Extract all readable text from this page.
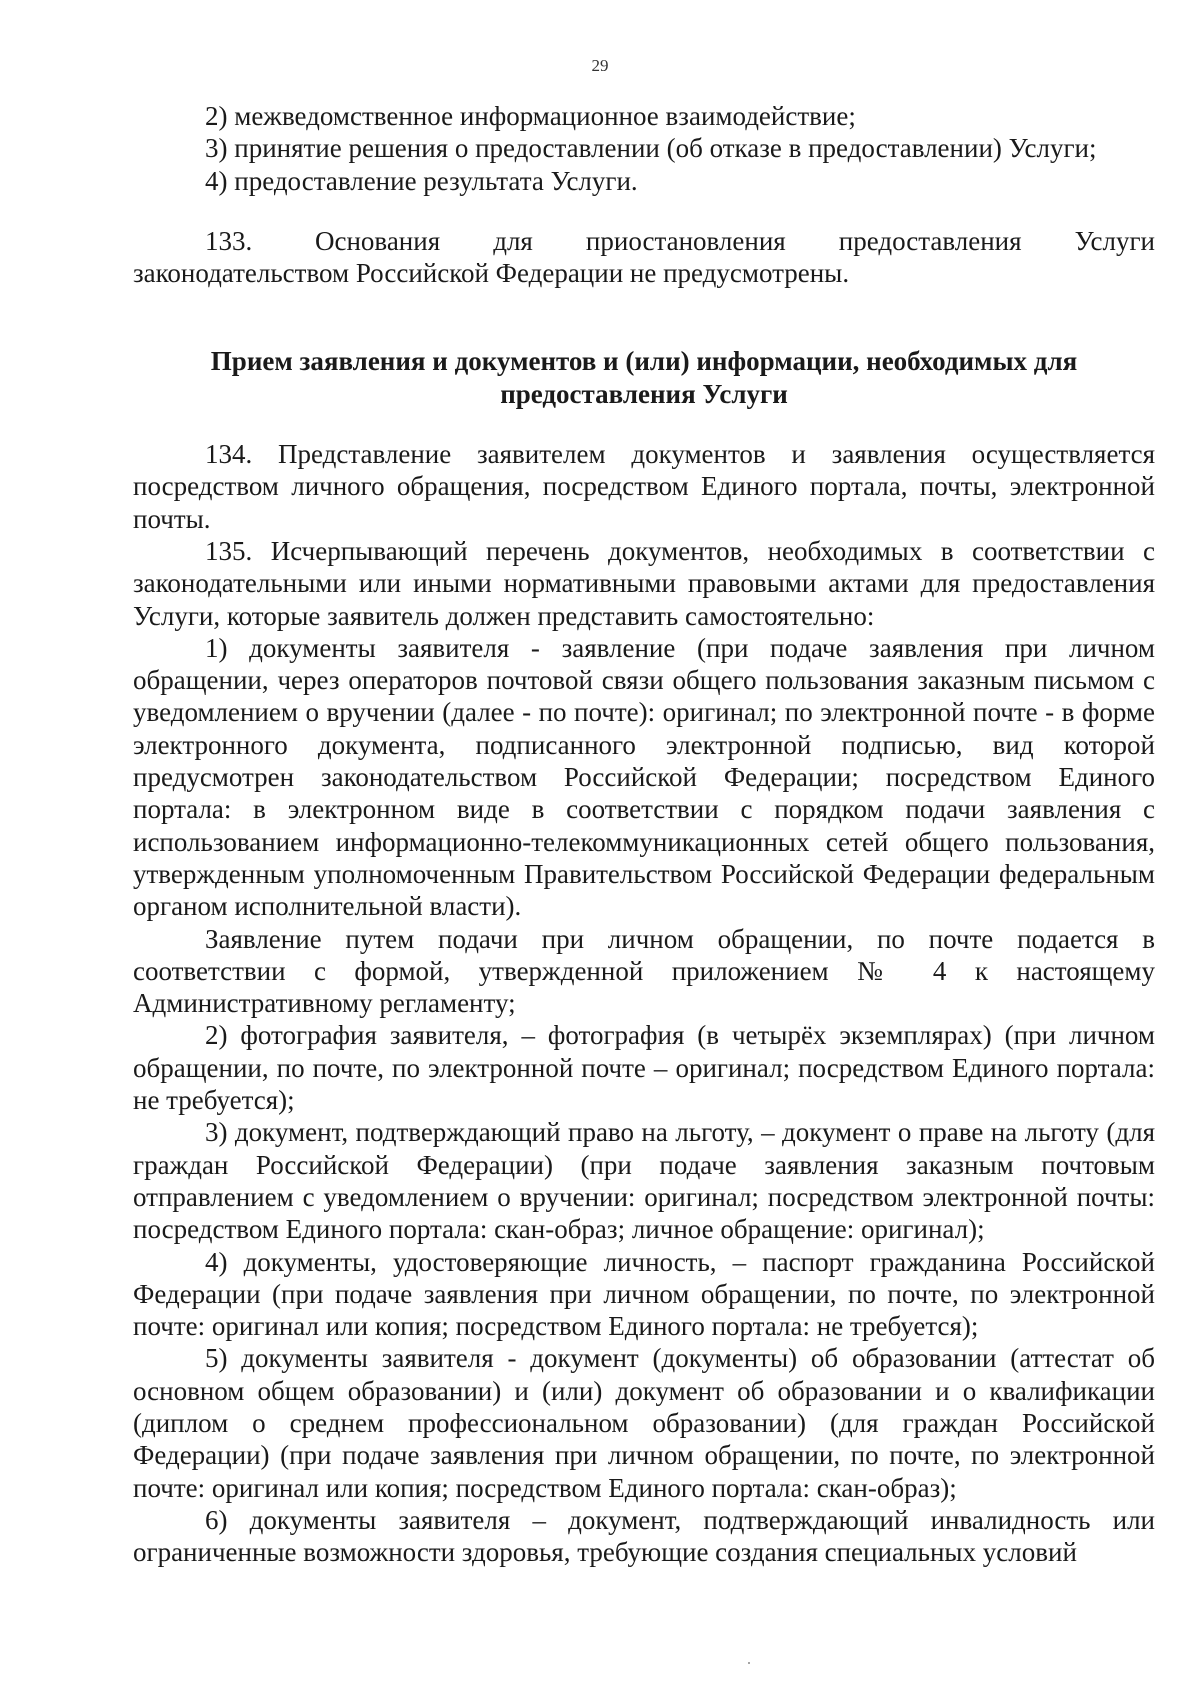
29

2) межведомственное информационное взаимодействие;

3) принятие решения о предоставлении (об отказе в предоставлении) Услуги;

4) предоставление результата Услуги.

133. Основания для приостановления предоставления Услуги законодательством Российской Федерации не предусмотрены.

Прием заявления и документов и (или) информации, необходимых для предоставления Услуги

134. Представление заявителем документов и заявления осуществляется посредством личного обращения, посредством Единого портала, почты, электронной почты.

135. Исчерпывающий перечень документов, необходимых в соответствии с законодательными или иными нормативными правовыми актами для предоставления Услуги, которые заявитель должен представить самостоятельно:

1) документы заявителя - заявление (при подаче заявления при личном обращении, через операторов почтовой связи общего пользования заказным письмом с уведомлением о вручении (далее - по почте): оригинал; по электронной почте - в форме электронного документа, подписанного электронной подписью, вид которой предусмотрен законодательством Российской Федерации; посредством Единого портала: в электронном виде в соответствии с порядком подачи заявления с использованием информационно-телекоммуникационных сетей общего пользования, утвержденным уполномоченным Правительством Российской Федерации федеральным органом исполнительной власти).

Заявление путем подачи при личном обращении, по почте подается в соответствии с формой, утвержденной приложением № 4 к настоящему Административному регламенту;

2) фотография заявителя, – фотография (в четырёх экземплярах) (при личном обращении, по почте, по электронной почте – оригинал; посредством Единого портала: не требуется);

3) документ, подтверждающий право на льготу, – документ о праве на льготу (для граждан Российской Федерации) (при подаче заявления заказным почтовым отправлением с уведомлением о вручении: оригинал; посредством электронной почты: посредством Единого портала: скан-образ; личное обращение: оригинал);

4) документы, удостоверяющие личность, – паспорт гражданина Российской Федерации (при подаче заявления при личном обращении, по почте, по электронной почте: оригинал или копия; посредством Единого портала: не требуется);

5) документы заявителя - документ (документы) об образовании (аттестат об основном общем образовании) и (или) документ об образовании и о квалификации (диплом о среднем профессиональном образовании) (для граждан Российской Федерации) (при подаче заявления при личном обращении, по почте, по электронной почте: оригинал или копия; посредством Единого портала: скан-образ);

6) документы заявителя – документ, подтверждающий инвалидность или ограниченные возможности здоровья, требующие создания специальных условий
